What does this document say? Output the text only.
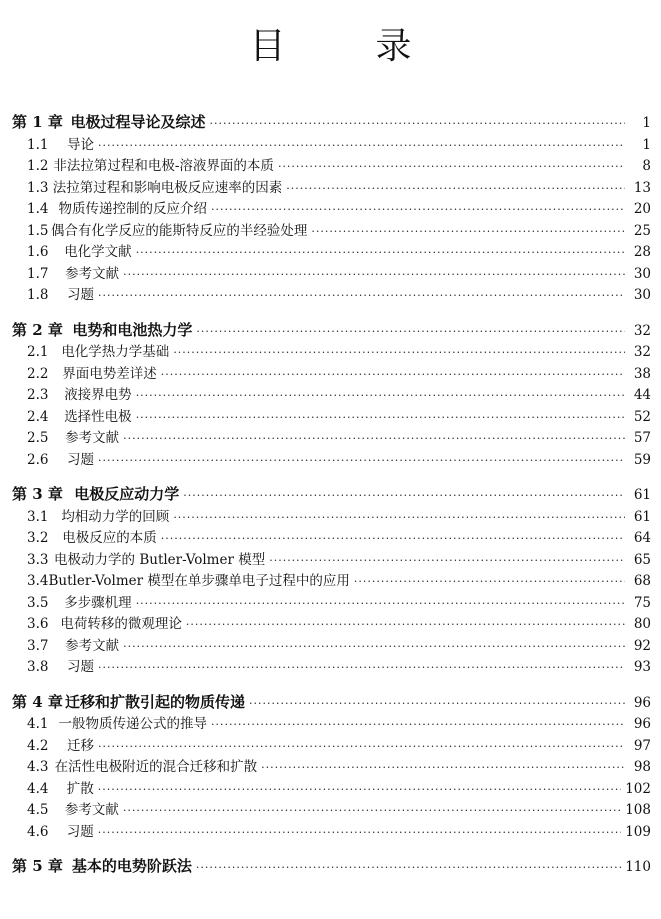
目	录
第 1 章 电极过程导论及综述 ·····	1
1.1	导论 ·····	1
1.2 非法拉第过程和电极-溶液界面的本质 ·····	8
1.3 法拉第过程和影响电极反应速率的因素 ·····	13
1.4 物质传递控制的反应介绍 ·····	20
1.5 偶合有化学反应的能斯特反应的半经验处理 ·····	25
1.6	电化学文献 ·····	28
1.7	参考文献 ·····	30
1.8	习题 ·····	30
第 2 章 电势和电池热力学 ·····	32
2.1 电化学热力学基础 ·····	32
2.2	界面电势差详述 ·····	38
2.3	液接界电势 ·····	44
2.4	选择性电极 ·····	52
2.5	参考文献 ·····	57
2.6	习题 ·····	59
第 3 章 电极反应动力学 ·····	61
3.1 均相动力学的回顾 ·····	61
3.2	电极反应的本质 ·····	64
3.3 电极动力学的 Butler-Volmer 模型 ·····	65
3.4 Butler-Volmer 模型在单步骤单电子过程中的应用 ·····	68
3.5	多步骤机理 ·····	75
3.6 电荷转移的微观理论 ·····	80
3.7	参考文献 ·····	92
3.8	习题 ·····	93
第 4 章 迁移和扩散引起的物质传递 ·····	96
4.1 一般物质传递公式的推导 ·····	96
4.2	迁移 ·····	97
4.3 在活性电极附近的混合迁移和扩散 ·····	98
4.4	扩散 ·····	102
4.5	参考文献 ·····	108
4.6	习题 ·····	109
第 5 章 基本的电势阶跃法 ·····	110
